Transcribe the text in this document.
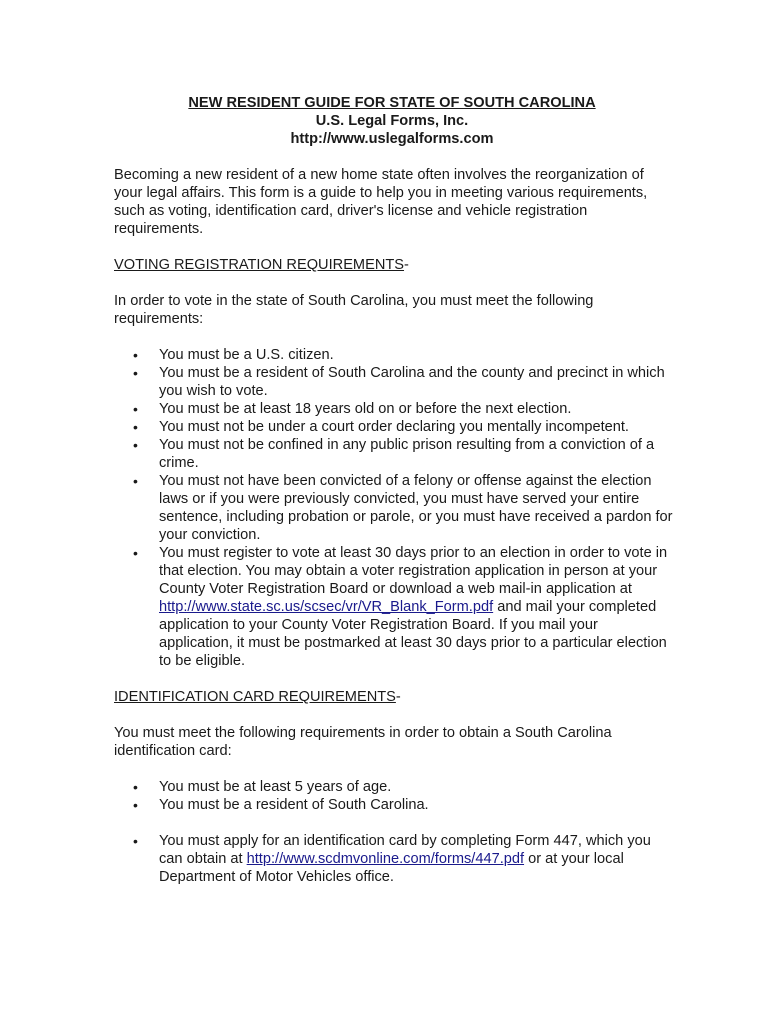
NEW RESIDENT GUIDE FOR STATE OF SOUTH CAROLINA
U.S. Legal Forms, Inc.
http://www.uslegalforms.com

Becoming a new resident of a new home state often involves the reorganization of your legal affairs. This form is a guide to help you in meeting various requirements, such as voting, identification card, driver's license and vehicle registration requirements.

VOTING REGISTRATION REQUIREMENTS-

In order to vote in the state of South Carolina, you must meet the following requirements:

• You must be a U.S. citizen.
• You must be a resident of South Carolina and the county and precinct in which you wish to vote.
• You must be at least 18 years old on or before the next election.
• You must not be under a court order declaring you mentally incompetent.
• You must not be confined in any public prison resulting from a conviction of a crime.
• You must not have been convicted of a felony or offense against the election laws or if you were previously convicted, you must have served your entire sentence, including probation or parole, or you must have received a pardon for your conviction.
• You must register to vote at least 30 days prior to an election in order to vote in that election. You may obtain a voter registration application in person at your County Voter Registration Board or download a web mail-in application at http://www.state.sc.us/scsec/vr/VR_Blank_Form.pdf and mail your completed application to your County Voter Registration Board. If you mail your application, it must be postmarked at least 30 days prior to a particular election to be eligible.

IDENTIFICATION CARD REQUIREMENTS-

You must meet the following requirements in order to obtain a South Carolina identification card:

• You must be at least 5 years of age.
• You must be a resident of South Carolina.
• You must apply for an identification card by completing Form 447, which you can obtain at http://www.scdmvonline.com/forms/447.pdf or at your local Department of Motor Vehicles office.
